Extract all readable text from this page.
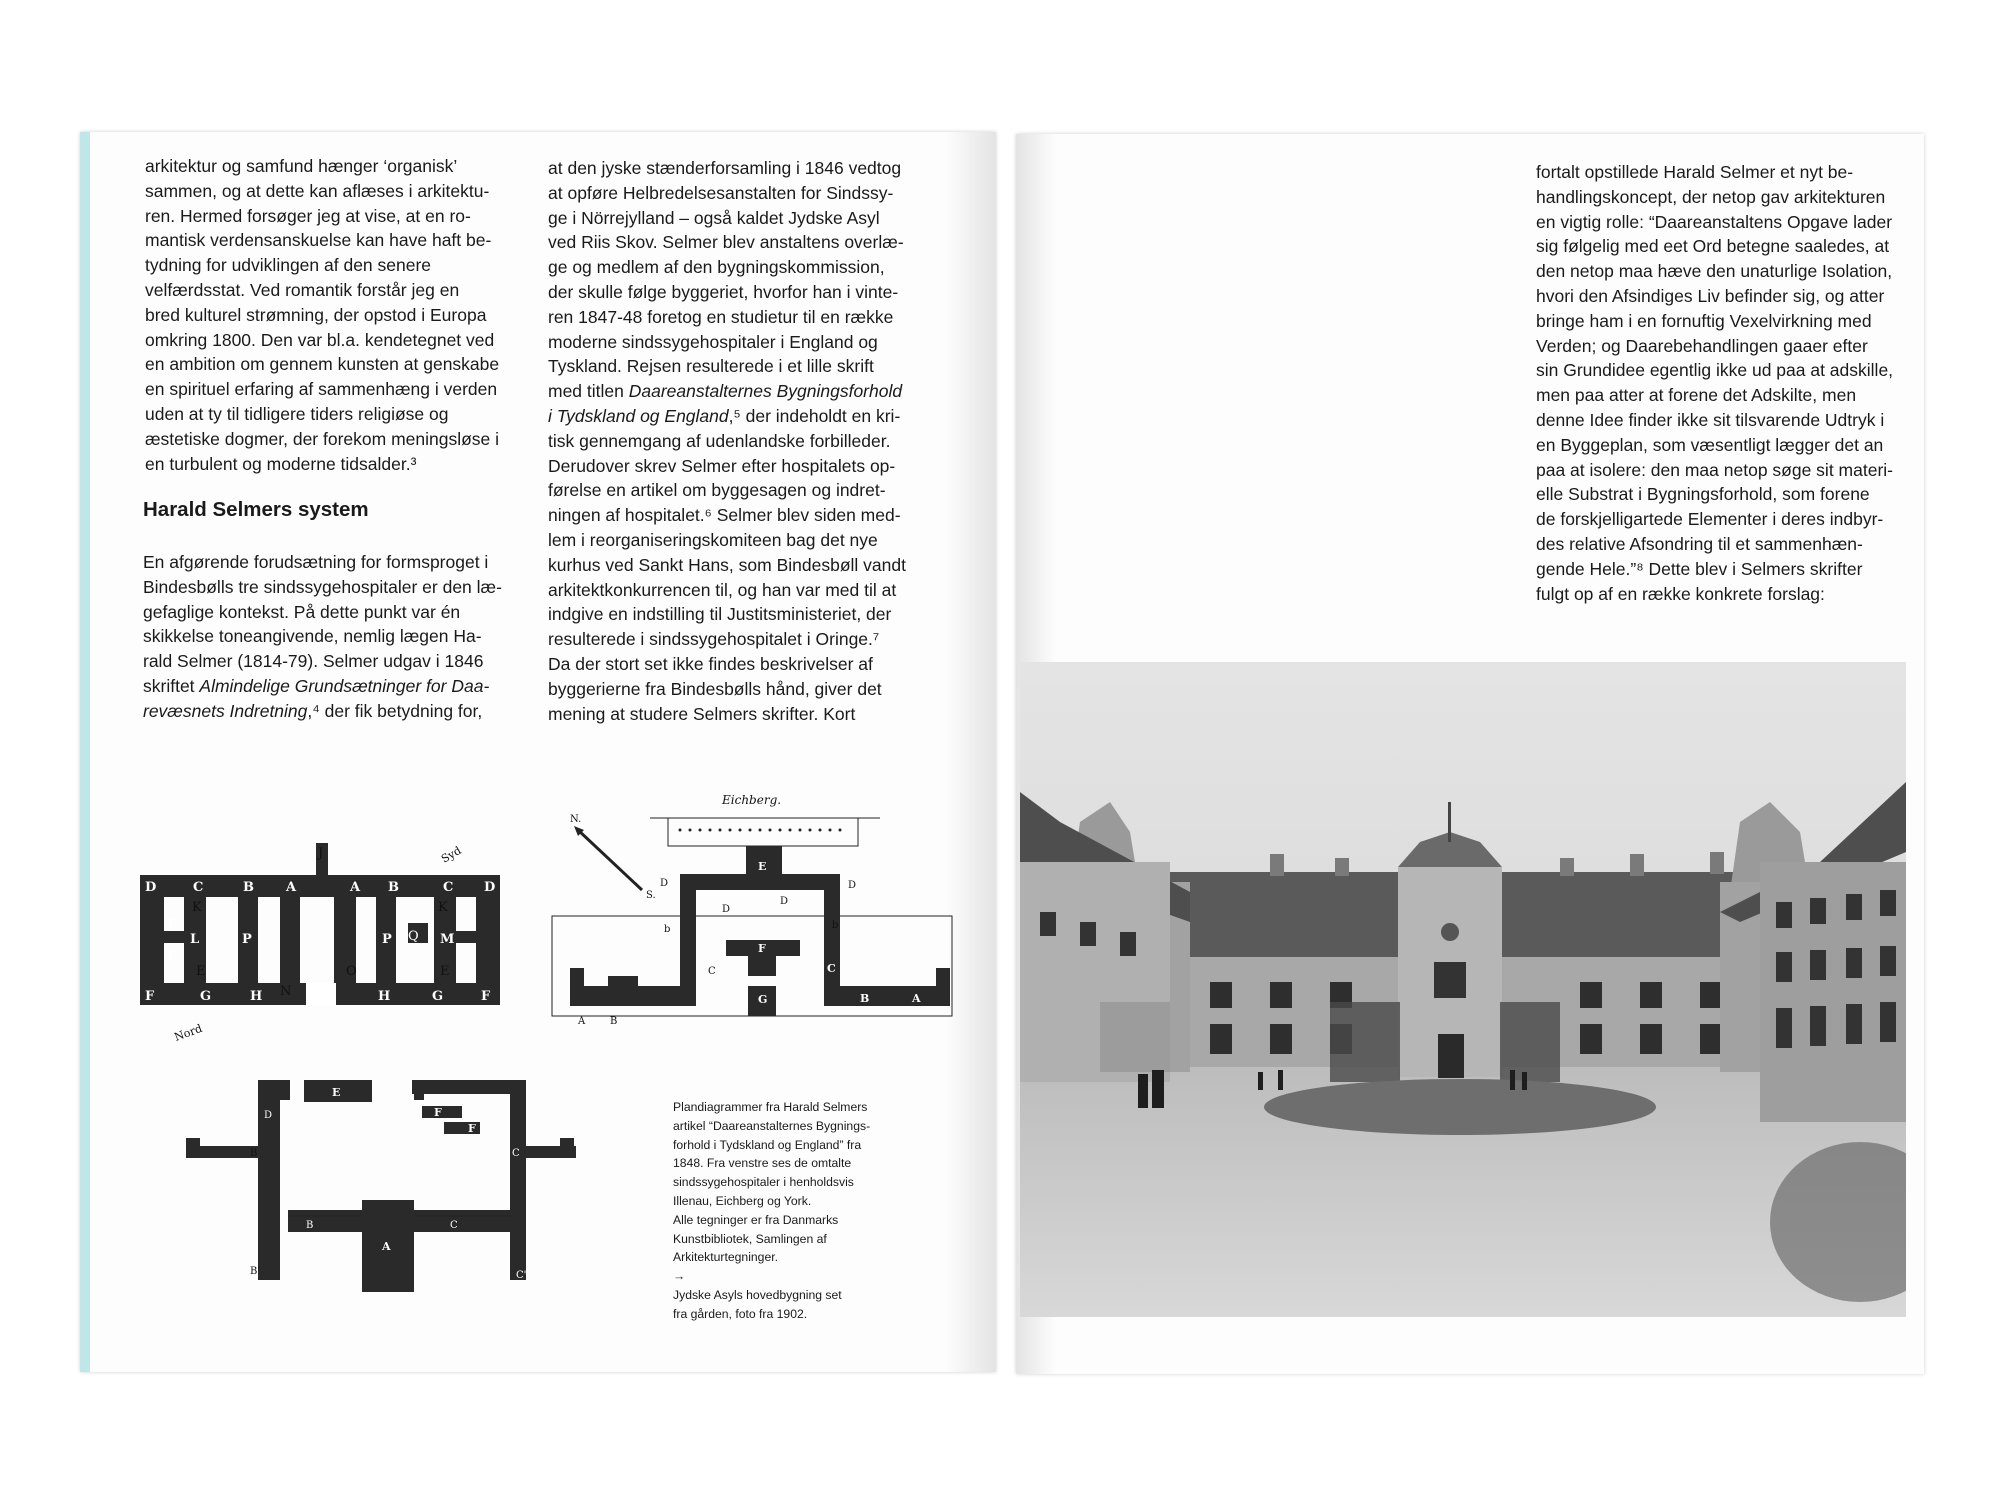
arkitektur og samfund hænger ‘organisk’
sammen, og at dette kan aflæses i arkitektu-
ren. Hermed forsøger jeg at vise, at en ro-
mantisk verdensanskuelse kan have haft be-
tydning for udviklingen af den senere
velfærdsstat. Ved romantik forstår jeg en
bred kulturel strømning, der opstod i Europa
omkring 1800. Den var bl.a. kendetegnet ved
en ambition om gennem kunsten at genskabe
en spirituel erfaring af sammenhæng i verden
uden at ty til tidligere tiders religiøse og
æstetiske dogmer, der forekom meningsløse i
en turbulent og moderne tidsalder.³
Harald Selmers system
En afgørende forudsætning for formsproget i
Bindesbølls tre sindssygehospitaler er den læ-
gefaglige kontekst. På dette punkt var én
skikkelse toneangivende, nemlig lægen Ha-
rald Selmer (1814-79). Selmer udgav i 1846
skriftet Almindelige Grundsætninger for Daa-
revæsnets Indretning,⁴ der fik betydning for,
at den jyske stænderforsamling i 1846 vedtog
at opføre Helbredelsesanstalten for Sindssy-
ge i Nörrejylland – også kaldet Jydske Asyl
ved Riis Skov. Selmer blev anstaltens overlæ-
ge og medlem af den bygningskommission,
der skulle følge byggeriet, hvorfor han i vinte-
ren 1847-48 foretog en studietur til en række
moderne sindssygehospitaler i England og
Tyskland. Rejsen resulterede i et lille skrift
med titlen Daareanstalternes Bygningsforhold
i Tydskland og England,⁵ der indeholdt en kri-
tisk gennemgang af udenlandske forbilleder.
Derudover skrev Selmer efter hospitalets op-
førelse en artikel om byggesagen og indret-
ningen af hospitalet.⁶ Selmer blev siden med-
lem i reorganiseringskomiteen bag det nye
kurhus ved Sankt Hans, som Bindesbøll vandt
arkitektkonkurrencen til, og han var med til at
indgive en indstilling til Justitsministeriet, der
resulterede i sindssygehospitalet i Oringe.⁷
Da der stort set ikke findes beskrivelser af
byggerierne fra Bindesbølls hånd, giver det
mening at studere Selmers skrifter. Kort
D	C	B A	A B	C D
F	G	H	H	G	F
L
E
E
P	P	M
J
K	K
E	E
N
O
Q
Syd
Nord
Eichberg.
N.
S.
E
F
G	B	A
C
A B
C
D
D
D
D
b	b
E
A
F
F
D
B	C
B	C
B'	C'
Plandiagrammer fra Harald Selmers
artikel “Daareanstalternes Bygnings-
forhold i Tydskland og England” fra
1848. Fra venstre ses de omtalte
sindssygehospitaler i henholdsvis
Illenau, Eichberg og York.
Alle tegninger er fra Danmarks
Kunstbibliotek, Samlingen af
Arkitekturtegninger.
→
Jydske Asyls hovedbygning set
fra gården, foto fra 1902.
fortalt opstillede Harald Selmer et nyt be-
handlingskoncept, der netop gav arkitekturen
en vigtig rolle: “Daareanstaltens Opgave lader
sig følgelig med eet Ord betegne saaledes, at
den netop maa hæve den unaturlige Isolation,
hvori den Afsindiges Liv befinder sig, og atter
bringe ham i en fornuftig Vexelvirkning med
Verden; og Daarebehandlingen gaaer efter
sin Grundidee egentlig ikke ud paa at adskille,
men paa atter at forene det Adskilte, men
denne Idee finder ikke sit tilsvarende Udtryk i
en Byggeplan, som væsentligt lægger det an
paa at isolere: den maa netop søge sit materi-
elle Substrat i Bygningsforhold, som forene
de forskjelligartede Elementer i deres indbyr-
des relative Afsondring til et sammenhæn-
gende Hele.”⁸ Dette blev i Selmers skrifter
fulgt op af en række konkrete forslag:
